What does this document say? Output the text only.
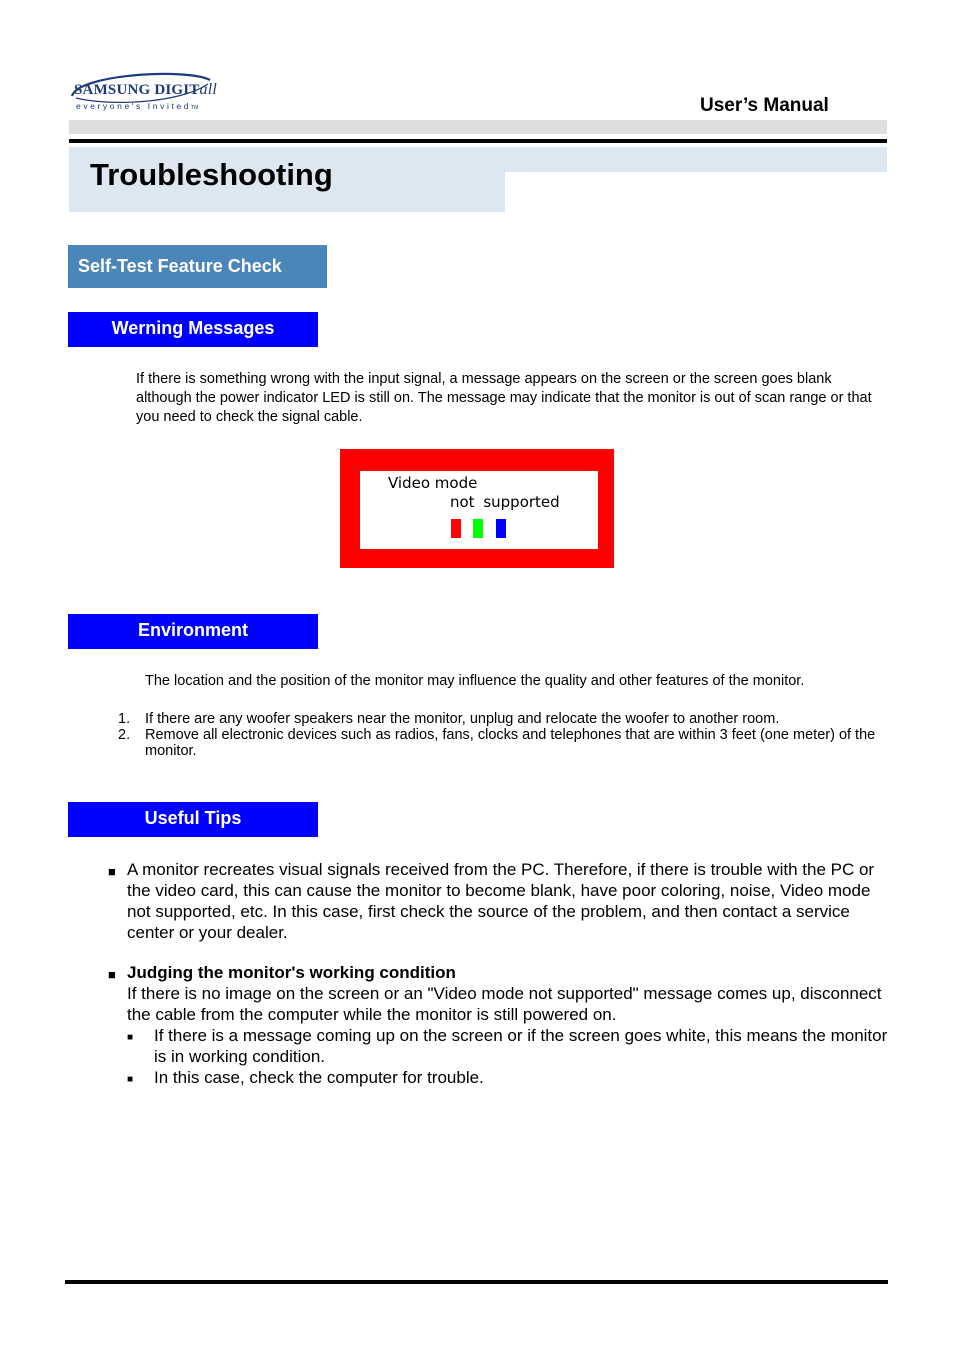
SAMSUNG DIGITall
everyone's InvitedTM	User’s Manual
Troubleshooting
Self-Test Feature Check
Werning Messages
If there is something wrong with the input signal, a message appears on the screen or the screen goes blank although the power indicator LED is still on. The message may indicate that the monitor is out of scan range or that you need to check the signal cable.
Video mode
not supported
Environment
The location and the position of the monitor may influence the quality and other features of the monitor.
1. If there are any woofer speakers near the monitor, unplug and relocate the woofer to another room.
2. Remove all electronic devices such as radios, fans, clocks and telephones that are within 3 feet (one meter) of the monitor.
Useful Tips
■ A monitor recreates visual signals received from the PC. Therefore, if there is trouble with the PC or the video card, this can cause the monitor to become blank, have poor coloring, noise, Video mode not supported, etc. In this case, first check the source of the problem, and then contact a service center or your dealer.
■ Judging the monitor's working condition
If there is no image on the screen or an "Video mode not supported" message comes up, disconnect the cable from the computer while the monitor is still powered on.
■ If there is a message coming up on the screen or if the screen goes white, this means the monitor is in working condition.
■ In this case, check the computer for trouble.
